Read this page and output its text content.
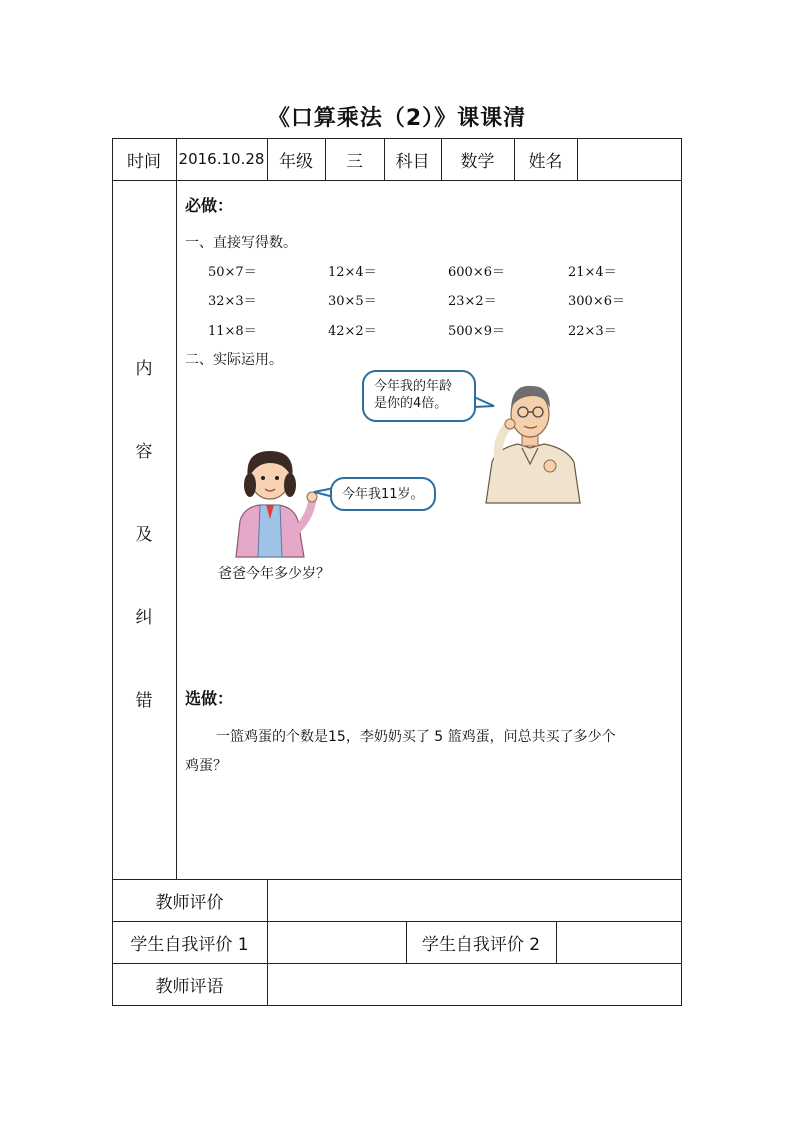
《口算乘法（2）》课课清
时间	2016.10.28 年级	三	科目	数学	姓名
内
容
及
纠
错
必做：
一、直接写得数。
50×7＝	12×4＝	600×6＝	21×4＝
32×3＝	30×5＝	23×2＝	300×6＝
11×8＝	42×2＝	500×9＝	22×3＝
二、实际运用。
今年我的年龄
是你的4倍。
今年我11岁。
爸爸今年多少岁？
选做：
一篮鸡蛋的个数是15，李奶奶买了 5 篮鸡蛋，问总共买了多少个
鸡蛋？
教师评价
学生自我评价 1	学生自我评价 2
教师评语
